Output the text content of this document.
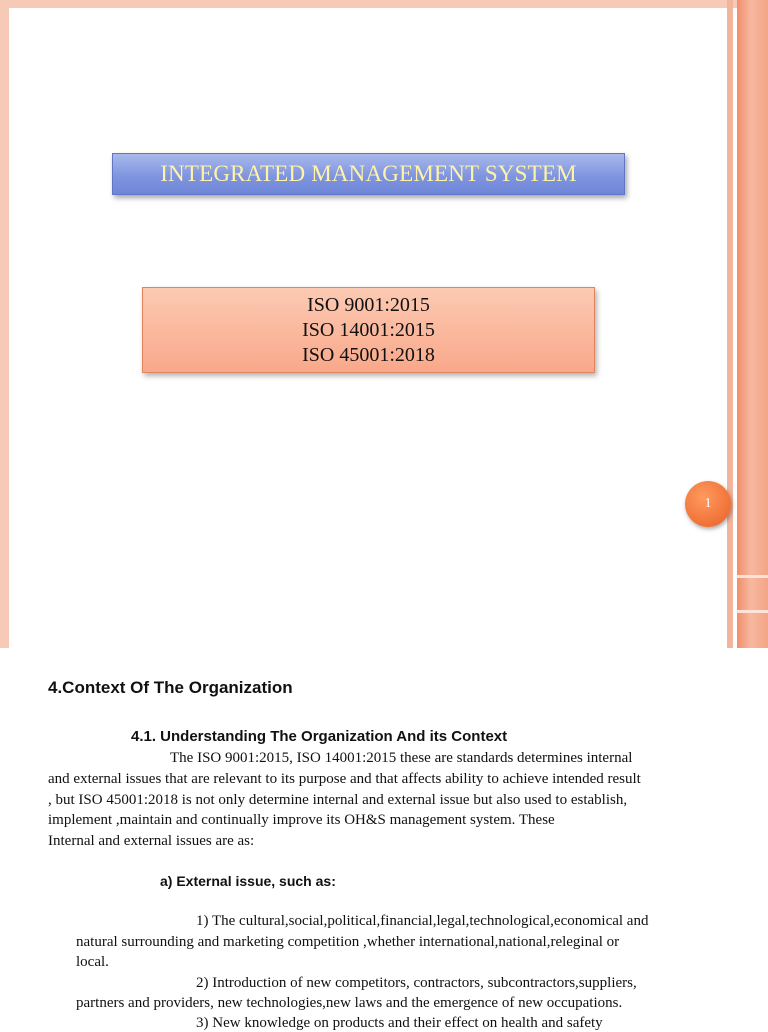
INTEGRATED MANAGEMENT SYSTEM
ISO 9001:2015
ISO 14001:2015
ISO 45001:2018
1
4.Context Of The Organization
4.1. Understanding The Organization And its Context
The ISO 9001:2015, ISO 14001:2015 these are standards determines internal
and external issues that are relevant to its purpose and that affects ability to achieve intended result
, but ISO 45001:2018 is not only determine internal and external issue but also used to establish,
implement ,maintain and continually improve its OH&S management system. These
Internal and external issues are as:
a) External issue, such as:
1) The cultural,social,political,financial,legal,technological,economical and
natural surrounding and marketing competition ,whether international,national,releginal or
local.
2) Introduction of new competitors, contractors, subcontractors,suppliers,
partners and providers, new technologies,new laws and the emergence of new occupations.
3) New knowledge on products and their effect on health and safety
